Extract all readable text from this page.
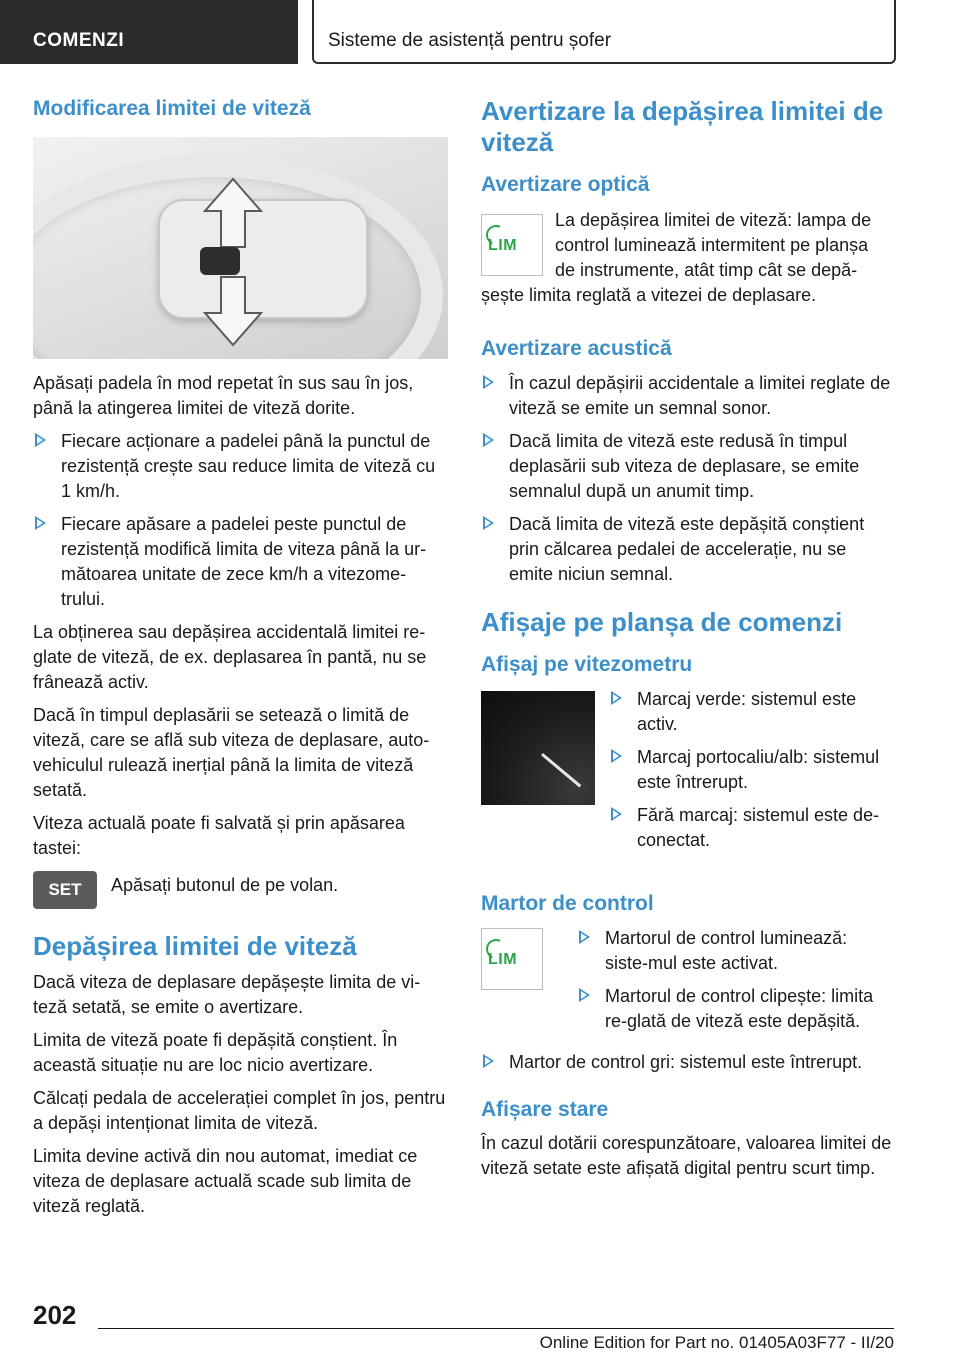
COMENZI	Sisteme de asistență pentru șofer
Modificarea limitei de viteză

Apăsați padela în mod repetat în sus sau în jos, până la atingerea limitei de viteză dorite.

Fiecare acționare a padelei până la punctul de rezistență crește sau reduce limita de viteză cu 1 km/h.
Fiecare apăsare a padelei peste punctul de rezistență modifică limita de viteza până la ur-mătoarea unitate de zece km/h a vitezome-trului.

La obținerea sau depășirea accidentală limitei re-glate de viteză, de ex. deplasarea în pantă, nu se frânează activ.

Dacă în timpul deplasării se setează o limită de viteză, care se află sub viteza de deplasare, auto-vehiculul rulează inerțial până la limita de viteză setată.

Viteza actuală poate fi salvată și prin apăsarea tastei:

SET	Apăsați butonul de pe volan.

Depășirea limitei de viteză

Dacă viteza de deplasare depășește limita de vi-teză setată, se emite o avertizare.

Limita de viteză poate fi depășită conștient. În această situație nu are loc nicio avertizare.

Călcați pedala de accelerației complet în jos, pentru a depăși intenționat limita de viteză.

Limita devine activă din nou automat, imediat ce viteza de deplasare actuală scade sub limita de viteză reglată.

Avertizare la depășirea limitei de viteză
Avertizare optică
LIM

La depășirea limitei de viteză: lampa de control luminează intermitent pe planșa de instrumente, atât timp cât se depă-șește limita reglată a vitezei de deplasare.

Avertizare acustică
În cazul depășirii accidentale a limitei reglate de viteză se emite un semnal sonor.
Dacă limita de viteză este redusă în timpul deplasării sub viteza de deplasare, se emite semnalul după un anumit timp.
Dacă limita de viteză este depășită conștient prin călcarea pedalei de accelerație, nu se emite niciun semnal.
Afișaje pe planșa de comenzi
Afișaj pe vitezometru
Marcaj verde: sistemul este activ.
Marcaj portocaliu/alb: sistemul este întrerupt.
Fără marcaj: sistemul este de-conectat.
Martor de control
LIM
Martorul de control luminează: siste-mul este activat.
Martorul de control clipește: limita re-glată de viteză este depășită.
Martor de control gri: sistemul este întrerupt.
Afișare stare

În cazul dotării corespunzătoare, valoarea limitei de viteză setate este afișată digital pentru scurt timp.

202
Online Edition for Part no. 01405A03F77 - II/20
